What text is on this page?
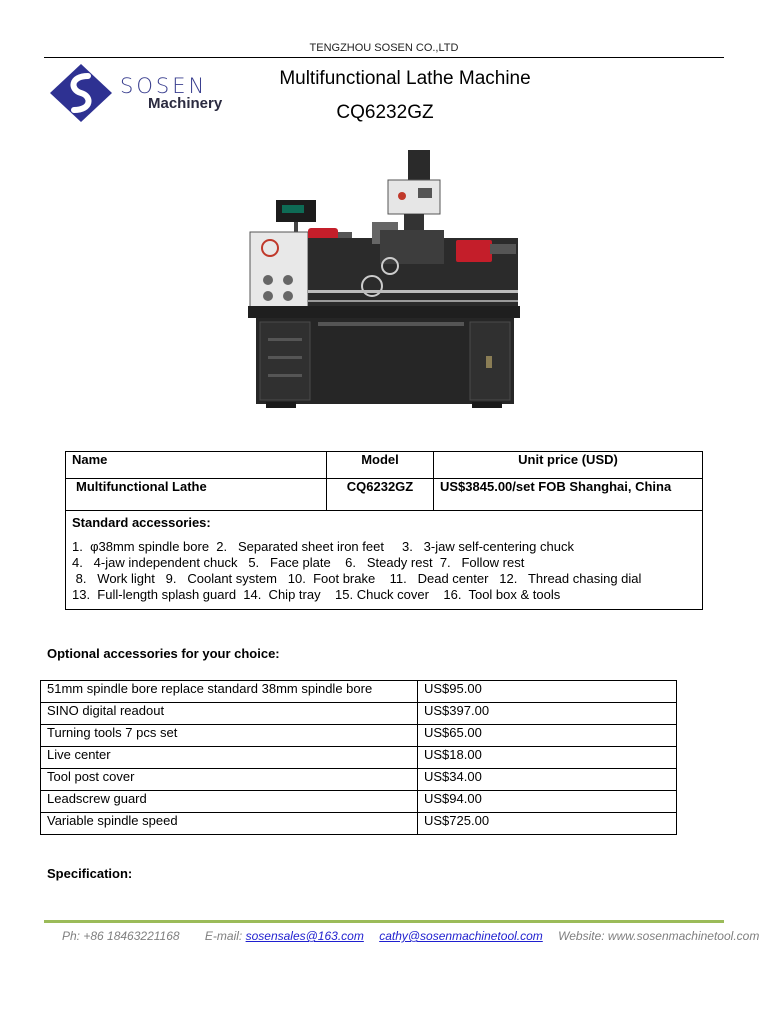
TENGZHOU SOSEN CO.,LTD
SOSEN
Machinery
Multifunctional Lathe Machine
CQ6232GZ
Name	Model	Unit price (USD)
Multifunctional Lathe	CQ6232GZ	US$3845.00/set FOB Shanghai, China

Standard accessories:
1.  φ38mm spindle bore  2.   Separated sheet iron feet     3.   3-jaw self-centering chuck
4.   4-jaw independent chuck   5.   Face plate    6.   Steady rest  7.   Follow rest
8.   Work light   9.   Coolant system   10.  Foot brake    11.   Dead center   12.   Thread chasing dial
13.  Full-length splash guard  14.  Chip tray    15. Chuck cover    16.  Tool box & tools		
Optional accessories for your choice:
51mm spindle bore replace standard 38mm spindle bore	US$95.00
SINO digital readout	US$397.00
Turning tools 7 pcs set	US$65.00
Live center	US$18.00
Tool post cover	US$34.00
Leadscrew guard	US$94.00
Variable spindle speed	US$725.00
Specification:
Ph: +86 18463221168 E-mail: sosensales@163.com cathy@sosenmachinetool.com Website: www.sosenmachinetool.com
